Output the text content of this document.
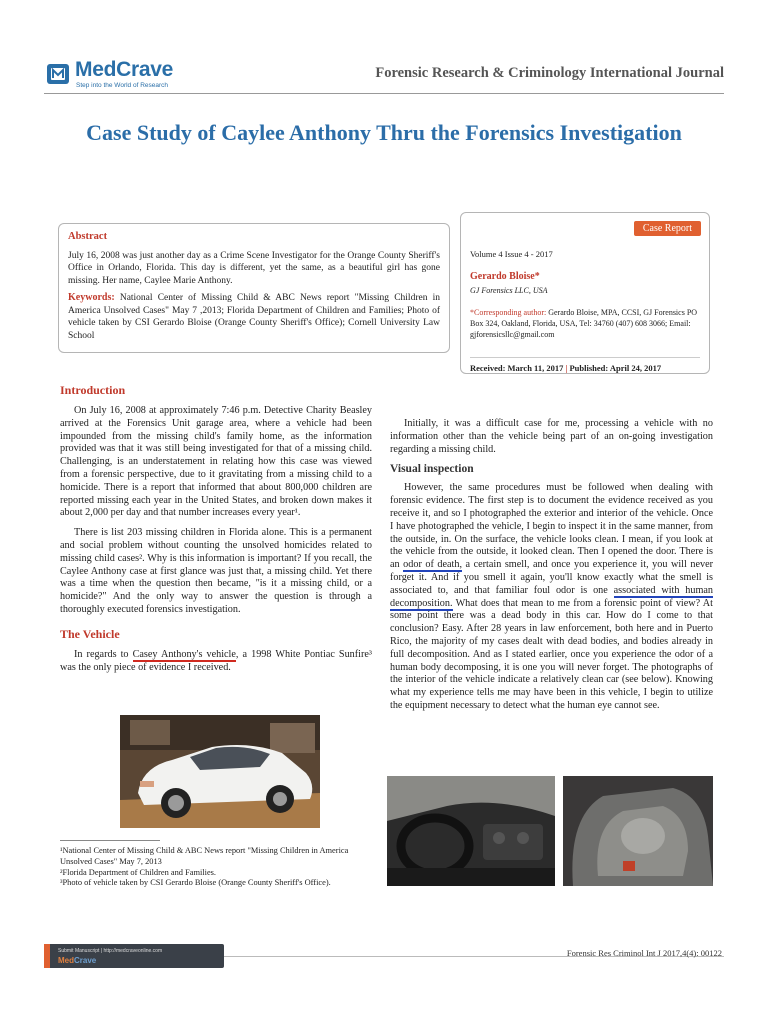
MedCrave
Step into the World of Research
Forensic Research & Criminology International Journal
Case Study of Caylee Anthony Thru the Forensics Investigation
Abstract
July 16, 2008 was just another day as a Crime Scene Investigator for the Orange County Sheriff's Office in Orlando, Florida. This day is different, yet the same, as a beautiful girl has gone missing. Her name, Caylee Marie Anthony.
Keywords: National Center of Missing Child & ABC News report "Missing Children in America Unsolved Cases" May 7 ,2013; Florida Department of Children and Families; Photo of vehicle taken by CSI Gerardo Bloise (Orange County Sheriff's Office); Cornell University Law School
Case Report
Volume 4 Issue 4 - 2017
Gerardo Bloise*
GJ Forensics LLC, USA
*Corresponding author: Gerardo Bloise, MPA, CCSI, GJ Forensics PO Box 324, Oakland, Florida, USA, Tel: 34760 (407) 608 3066; Email: gjforensicsllc@gmail.com
Received: March 11, 2017 | Published: April 24, 2017
Introduction

On July 16, 2008 at approximately 7:46 p.m. Detective Charity Beasley arrived at the Forensics Unit garage area, where a vehicle had been impounded from the missing child's family home, as the information provided was that it was still being investigated for that of a missing child. Challenging, is an understatement in relating how this case was viewed from a forensic perspective, due to it gravitating from a missing child to a homicide. There is a report that informed that about 800,000 children are reported missing each year in the United States, and broken down makes it about 2,000 per day and that number increases every year¹.

There is list 203 missing children in Florida alone. This is a permanent and social problem without counting the unsolved homicides related to missing child cases². Why is this information is important? If you recall, the Caylee Anthony case at first glance was just that, a missing child. Yet there was a time when the question then became, "is it a missing child, or a homicide?" And the only way to answer the question is through a thoroughly executed forensics investigation.

The Vehicle

In regards to Casey Anthony's vehicle, a 1998 White Pontiac Sunfire³ was the only piece of evidence I received.

¹National Center of Missing Child & ABC News report "Missing Children in America Unsolved Cases" May 7, 2013
²Florida Department of Children and Families.
³Photo of vehicle taken by CSI Gerardo Bloise (Orange County Sheriff's Office).

Initially, it was a difficult case for me, processing a vehicle with no information other than the vehicle being part of an on-going investigation regarding a missing child.

Visual inspection

However, the same procedures must be followed when dealing with forensic evidence. The first step is to document the evidence received as you receive it, and so I photographed the exterior and interior of the vehicle. Once I have photographed the vehicle, I begin to inspect it in the same manner, from the outside, in. On the surface, the vehicle looks clean. I mean, if you look at the vehicle from the outside, it looked clean. Then I opened the door. There is an odor of death, a certain smell, and once you experience it, you will never forget it. And if you smell it again, you'll know exactly what the smell is associated to, and that familiar foul odor is one associated with human decomposition. What does that mean to me from a forensic point of view? At some point there was a dead body in this car. How do I come to that conclusion? Easy. After 28 years in law enforcement, both here and in Puerto Rico, the majority of my cases dealt with dead bodies, and bodies already in full decomposition. And as I stated earlier, once you experience the odor of a human body decomposing, it is one you will never forget. The photographs of the interior of the vehicle indicate a relatively clean car (see below). Knowing what my experience tells me may have been in this vehicle, I begin to utilize the equipment necessary to detect what the human eye cannot see.

Submit Manuscript | http://medcraveonline.com
MedCrave
Forensic Res Criminol Int J 2017,4(4): 00122
